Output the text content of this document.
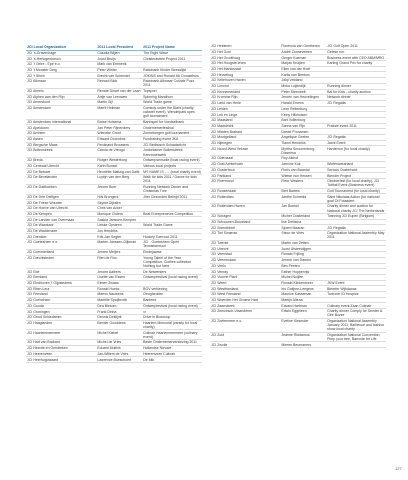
JCI Local Organization	2011 Local President	2011 Project Name
JCI 's-Gravenhage	Claudia Blijlen	The Right Wave
JCI 's-Hertogenbosch	Joost Bruijn	Christmastree Project 2011
JCI 't Gelre - Epe e.o.	Mark van Emmerik	
JCI 't Monster Delg	Peter Winter	Rabobank Kinder Stresslijst
JCI 't Sticht	Brecht van Schendel	JOKINS and Ronald Mc Donaldhuis
JCI Alkmaar	Reinout Blok	Rabobank Alkmaar Culinair Puzz 2011
JCI Almelo	Renate Dinarf van der Laan	Topsport
JCI Alphen aan den Rijn	Antje van Leeuwen	Spinning Marathon
JCI Amersfoort	Martin Sijl	World Trade game
JCI Amsterdam	Marrit Hellman	Comedy under the Stars (charity cabaret event), Wendelpark open golf tournament
JCI Amsterdam International	Brose Hulsema	Bartospel for Voedselbank
JCI Apeldoorn	Jan Peter Rijnenders	Ondernemerfestival
JCI Arnhem	Wieneke Groot	Zonnebergen golf tournament
JCI Assen	Edward Doornbos	Fundraising event JKA
JCI Bergsche Maas	Ferdinand Brouwers	JCI Bedbosch Schaalsdicht
JCI Bollenstreek	Carola de Vreugd	Juniorkamer Bollenstreek Kennisnetwerk
JCI Breda	Rutger Westerburg	Ontwerpsensatie (boat racing event)
JCI Centraal Utrecht	Karin Bunsel	Various local projects
JCI De Betuwe	Henriëtte Mattzig-van Dalik	MY NAME IS ..... (local charity event)
JCI De Bevelanden	Luytijn van den Berg	Walk for kids 2011 / Dance for kids 2011
JCI De Dattboeken	Jeroen Boer	Running Network Dinner and Christmas Tree
JCI De Drie Dellfgen	Nils Brongers	Jher Gezonden Bellrijd 2011
JCI De Friese Wouden	Skyliar Dijkstra	
JCI De Hoeve van Utrecht	Chris van Acker	
JCI De Kempen	Monique Cluters	Beat Entrepreneurs Competition
JCI De Landen van Overmaas	Saskia Janssen-Kempen	
JCI De Waarkant	Lieske Opsteen	World Trade Game
JCI De Waddenzee	Jos Hendriks	
JCI Drenster	Erik Jan Segter	Hockey Toernooi 2011
JCI Goeteshem e.o.	Marten Janssen-Dijkman	JCI - Goeteshem Open Tennistoernooi
JCI Gommeriland	Jeroen Meijers	Eindejaarse
JCI Drechtsteden	Rien de Roo	Young Talent of the Year Competition, Clothes collection Nothing but Nets
JCI Ede	Jeroen Aalbers	De Netwerkers
JCI Eemland	Lisette van Essen	Ontwerpfestival (local racing event)
JCI Eindhoven 't Oijpstedeek	Eimen Zwaas	
JCI Etten-Leur	Ronald Hoeks	BOV verkiezing
JCI Friesland	Marnix Nauwens	Oeughedden
JCI Gorinchem	Mariëlle Spuijbroek	Banfeed
JCI Gouda	Dea Blekom	Ontwerpfestival (local racing event)
JCI Groningen	Frank Dinha	vr
JCI Groot Schiedamm	Dennis Deklijnk	Drive in Bioscoop
JCI Haaglanden	Bemier Gooddens	Haarlem Memorial (varsity for local charity)
JCI Haarlemmermeer	Michel Kiebel	Culinair Haarlemmermeer (culinary event)
JCI Hart van Brabant	Michel de Vries	Beste Ondernemerverkiezing 2011
JCI Heerde en Omstreken	Eduard Muitink	Hollandse Nieuwe
JCI Heerenveen	Jan-Willem de Vries	Heerenveen Culinair
JCI Heerhugowaard	Lawrence Boeschoert	De Mik
JCI Helderen	Florencia van Gentheren	JCI Golf Open 2011
JCI Het Gooi	André Zonneveleen	Geiese run
JCI Het Groothoog	Gerger Koeman	Business event with CEO ABM/MRO
JCI Het Hoogste leven	Marjan Kruijten	Karting Grand Prix for charity
JCI Het Markiezaat	Ellen van der Hoef	
JCI Heuvelrug	Karlis van Bentum	
JCI Kellehoven Haven	Jalqi Vetdand	
JCI Limond	Mirka Luijendijk	Running dinner
JCI Kennemerland	Peter Steenbelt	Bal for Kids - charity auction
JCI Kromme Rijn	Jeroen van Heuvelingen	Network dinner
JCI Land van Herle	Harald Ernens	JCI Regatta
JCI Leiden	Leon Reitenburg	
JCI Lek en Linge	Keiny Hilkhuisen	
JCI Maasland	Bart Vollenburg	
JCI Maastricht	Sanne van Rijn	Praksie event 2011
JCI Midden Brabant	Daniel Pronamen	
JCI Montgelland	Angelique Geelen	JCI Regatta
JCI Nijmegen	Tianni Hendriks	Jacht Event
JCI Noord-West Veluwe	Myrtha Smoorenburg-Disselma	Harderrun (for local charity)
JCI Oldenzaal	Roy Aikhof	
JCI Oost Achterhoek	Jannine Kok	Winterswearland
JCI Oosterhout	Floris van Baardai	Serious Oosterhout
JCI Parkland	Wietse van Hessen	Blender Project
JCI Roermond	Fleur Westers	Oktoberfest (for local charity), JCI Totthal Event (Business event)
JCI Roosendaal	Bert Bartels	Golf Tournament (for local charity)
JCI Rotterdam	Janthe Schreiks	Saint Nikolaas Action (for national goal Of Polaadert
JCI Rotterdam Haven	Jan Boekel	Charity dinner and auction for National charity JCI The Netherlands
JCI Schagen	Micher Oosterland	Twinning JCI Eupen (Belgium)
JCI Schouwen-Duiveland	Ilse Dellisma	
JCI Swentblixel	Sjoerd Maaran	JCI Regatta
JCI Tiel Sinaeuw	Steco de Vries	Organization National Assembly May 2011
JCI Twente	Martin van Zetten	
JCI Utrecht	Joost Ufsteeldijgen	
JCI Veenstad	Ronald Frijling	
JCI Veenendaal	Jeroen van Damen	
JCI Venlo	Ben Peeten	
JCI Venray	Esther Hoppenrijs	
JCI Voorne Plant	Michel Nuijten	
JCI Weert	Ronald Klinkenmeer	JKW Event
JCI Westfriesland	Iris Gaitjme-Leegens	Bleerfer Wijkdanas
JCI West Friesland	Maurice Kasseman	Turborer ID Hospice
JCI Woerden Het Groene Hart	Martijn Altena	
JCI Zaanstreek	Edvard Hartman	Culinary event Zaan Culinair
JCI Zeeuwsch-Vlaanderen	Edwin Eggeleen	Charity dinner Comply for Sender & Gee Bozze
JCI Zoetermeer e.o.	Eveline Kiewoder	Organization National Assembly January 2011, Barbecue and fashion show local charity
JCI Zuid	Jeanne Riddamus	Organization National Convention, Pimp your tree, Barcode for Life
JCI Zwolle	Mieren Beumaners	
127
